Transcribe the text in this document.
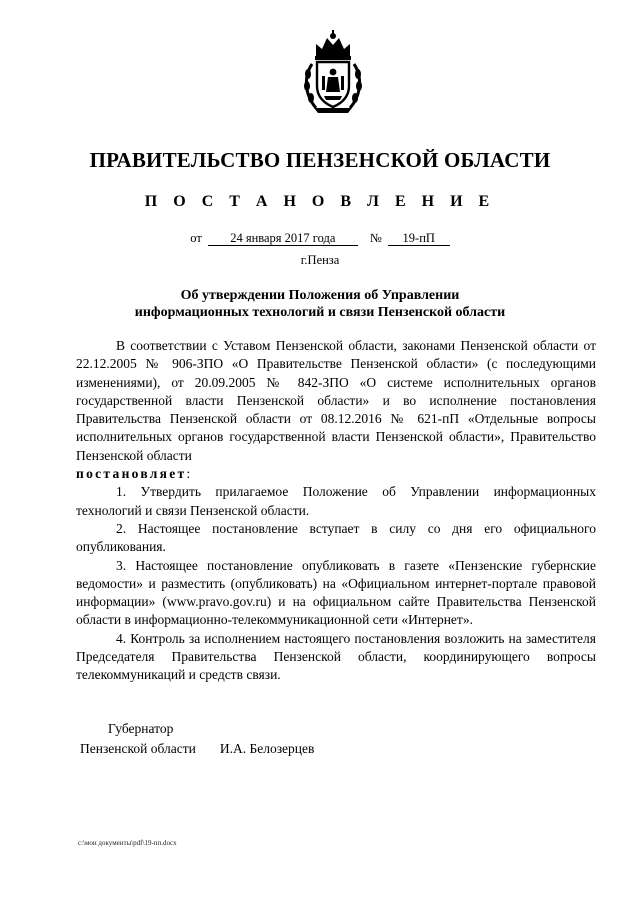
ПРАВИТЕЛЬСТВО ПЕНЗЕНСКОЙ ОБЛАСТИ
П О С Т А Н О В Л Е Н И Е
от 24 января 2017 года	№ 19-пП
г.Пенза
Об утверждении Положения об Управлении
информационных технологий и связи Пензенской области

В соответствии с Уставом Пензенской области, законами Пензенской области от 22.12.2005 № 906-ЗПО «О Правительстве Пензенской области» (с последующими изменениями), от 20.09.2005 № 842-ЗПО «О системе исполнительных органов государственной власти Пензенской области» и во исполнение постановления Правительства Пензенской области от 08.12.2016 № 621-пП «Отдельные вопросы исполнительных органов государственной власти Пензенской области», Правительство Пензенской области

постановляет:

1. Утвердить прилагаемое Положение об Управлении информационных технологий и связи Пензенской области.

2. Настоящее постановление вступает в силу со дня его официального опубликования.

3. Настоящее постановление опубликовать в газете «Пензенские губернские ведомости» и разместить (опубликовать) на «Официальном интернет-портале правовой информации» (www.pravo.gov.ru) и на официальном сайте Правительства Пензенской области в информационно-телекоммуникационной сети «Интернет».

4. Контроль за исполнением настоящего постановления возложить на заместителя Председателя Правительства Пензенской области, координирующего вопросы телекоммуникаций и средств связи.

Губернатор
Пензенской области И.А. Белозерцев
c:\мои документы\pdf\19-пп.docx
